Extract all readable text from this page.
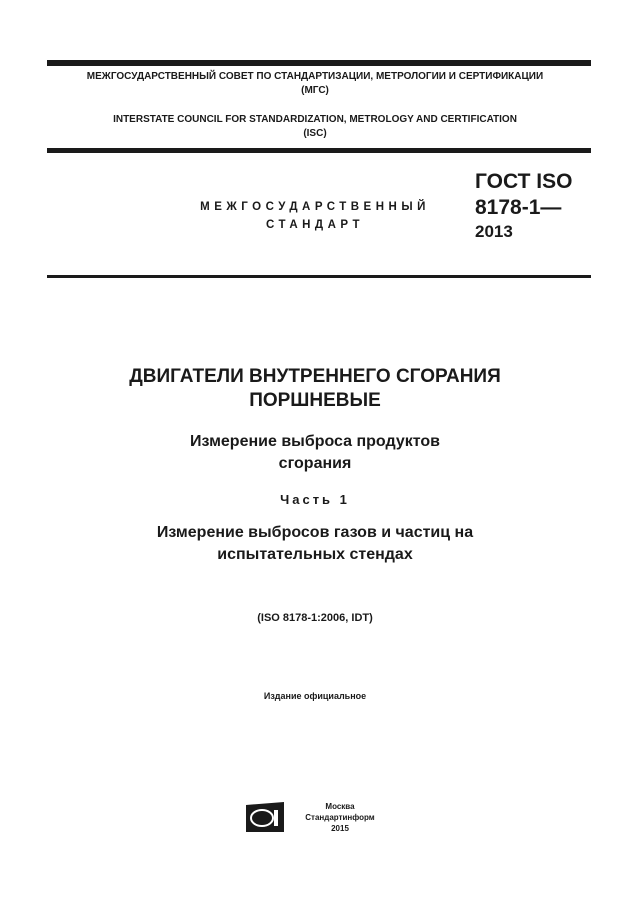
МЕЖГОСУДАРСТВЕННЫЙ СОВЕТ ПО СТАНДАРТИЗАЦИИ, МЕТРОЛОГИИ И СЕРТИФИКАЦИИ
(МГС)
INTERSTATE COUNCIL FOR STANDARDIZATION, METROLOGY AND CERTIFICATION
(ISC)
МЕЖГОСУДАРСТВЕННЫЙ
СТАНДАРТ
ГОСТ ISO
8178-1—
2013
ДВИГАТЕЛИ ВНУТРЕННЕГО СГОРАНИЯ
ПОРШНЕВЫЕ
Измерение выброса продуктов
сгорания
Часть 1
Измерение выбросов газов и частиц на
испытательных стендах
(ISO 8178-1:2006, IDT)
Издание официальное
Москва
Стандартинформ
2015
